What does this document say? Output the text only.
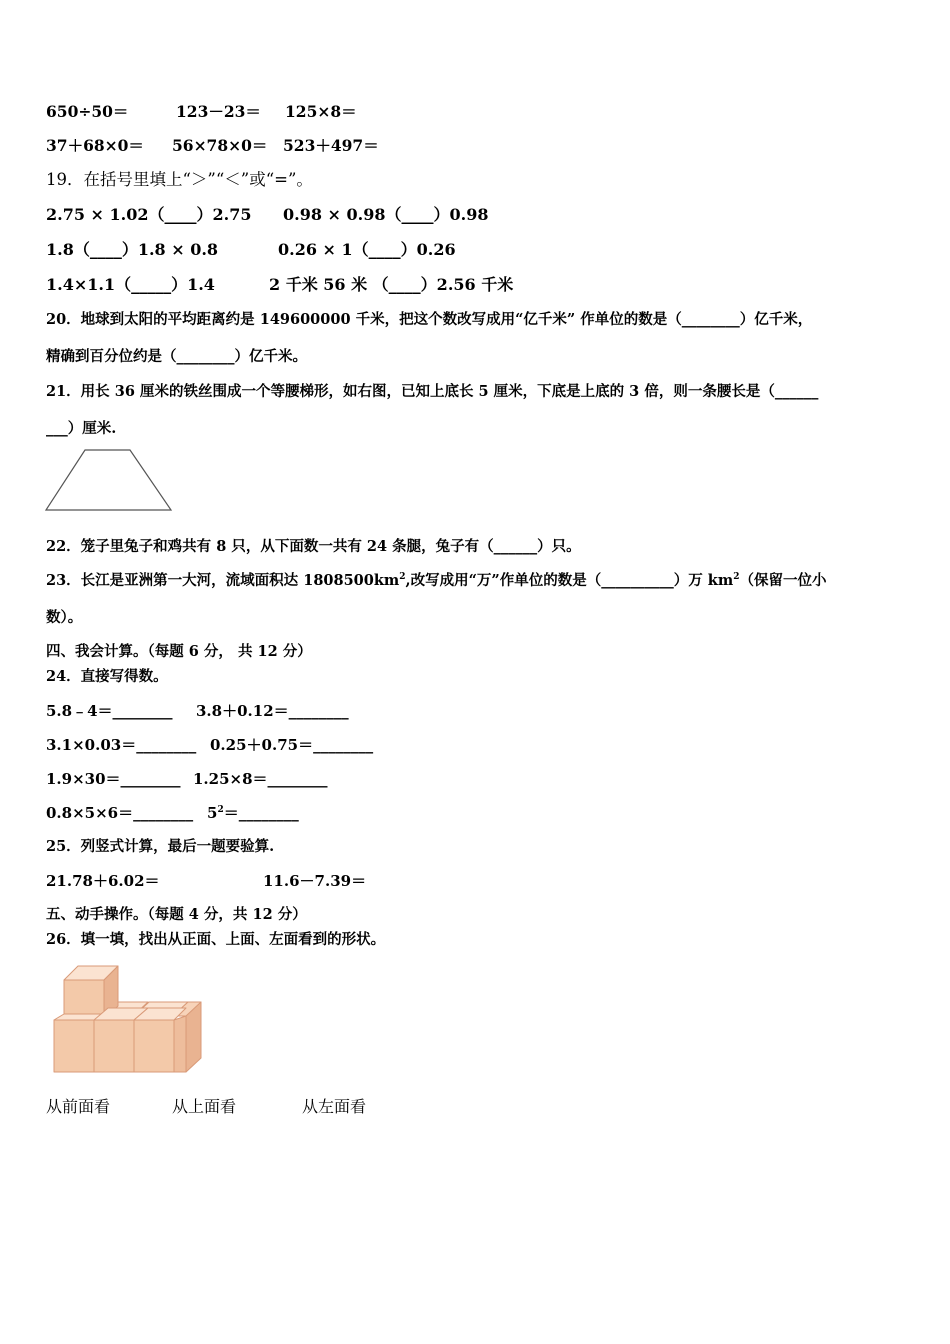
650÷50＝	123－23＝ 125×8＝
37＋68×0＝ 56×78×0＝ 523＋497＝
19．在括号里填上“＞”“＜”或“=”。
2.75 × 1.02（____）2.75 0.98 × 0.98（____）0.98
1.8（____）1.8 × 0.8	0.26 × 1（____）0.26
1.4×1.1（_____）1.4	2 千米 56 米 （____）2.56 千米
20．地球到太阳的平均距离约是 149600000 千米，把这个数改写成用“亿千米” 作单位的数是（________）亿千米，
精确到百分位约是（________）亿千米。
21．用长 36 厘米的铁丝围成一个等腰梯形，如右图，已知上底长 5 厘米，下底是上底的 3 倍，则一条腰长是（______
___）厘米.
22．笼子里兔子和鸡共有 8 只，从下面数一共有 24 条腿，兔子有（______）只。
23．长江是亚洲第一大河，流域面积达 $1808500km^2$,改写成用“万”作单位的数是（__________）万 $km^2$（保留一位小
数）。
四、我会计算。（每题 6 分， 共 12 分）
24．直接写得数。
5.8﹣4＝________ 3.8＋0.12＝________
3.1×0.03＝________ 0.25＋0.75＝________
1.9×30＝________ 1.25×8＝________
0.8×5×6＝________ $5^2=\_\_\_\_\_\_\_\_$
25．列竖式计算，最后一题要验算.
21.78＋6.02＝	11.6－7.39＝
五、动手操作。（每题 4 分，共 12 分）
26．填一填，找出从正面、上面、左面看到的形状。
从前面看	从上面看	从左面看
